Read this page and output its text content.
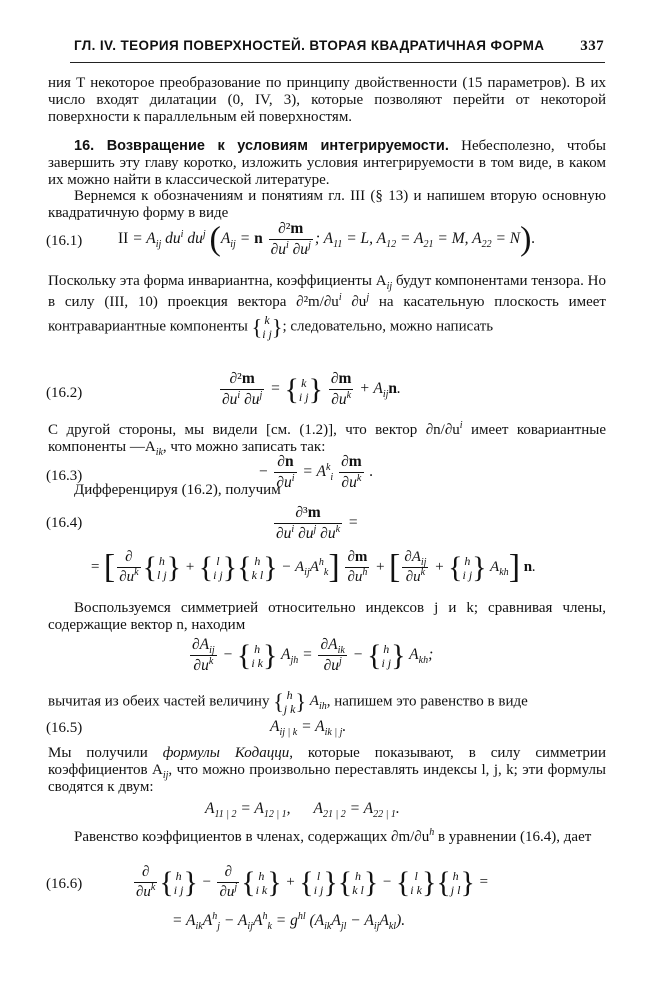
ГЛ. IV. ТЕОРИЯ ПОВЕРХНОСТЕЙ. ВТОРАЯ КВАДРАТИЧНАЯ ФОРМА 337

ния T некоторое преобразование по принципу двойственности (15 параметров). В их число входят дилатации (0, IV, 3), которые позволяют перейти от некоторой поверхности к параллельным ей поверхностям.

16. Возвращение к условиям интегрируемости. Небесполезно, чтобы завершить эту главу коротко, изложить условия интегрируемости в том виде, в каком их можно найти в классической литературе.

Вернемся к обозначениям и понятиям гл. III (§ 13) и напишем вторую основную квадратичную форму в виде

(16.1) II = $A_{ij}$ $du^i$ $du^j$ ($A_{ij} = n \frac{\text{∂²m}}{\partial u^i \partial u^j}$ ; $A_{11} = L$, $A_{12} = A_{21} = M$, $A_{22} = N$).

Поскольку эта форма инвариантна, коэффициенты $A_{ij}$ будут компонентами тензора. Но в силу (III, 10) проекция вектора $\partial^2m/\partial u^i$ $\partial u^j$ на касательную плоскость имеет контравариантные компоненты { k
i j}; следовательно, можно написать

(16.2)	$\frac{\text{∂²m}}{\partial u^i \partial u^j}$ = { k
i $j\} \frac{\partial m}{\partial u^k} + A_{ij}n$.

С другой стороны, мы видели [см. (1.2)], что вектор $\partial n/\partial u^i$ имеет ковариантные компоненты $—A_{ik}$, что можно записать так:

(16.3)	− $\frac{\partial n}{\partial u^i} = A^k_i \frac{\partial m}{\partial u^k}$ .

Дифференцируя (16.2), получим

(16.4)	$\frac{\text{∂³m}}{\partial u^i \partial u^j \partial u^k}$ =
= [ $\frac{\partial}{\partial u^k}$ { h
l j} + { l
i j}{ h
k $l\} - A_{ij}A^h_k] \frac{\partial m}{\partial u^h}$ + [ $\frac{\partial A_{ij}}{\partial u^k}$ + { h
i j} $A_{kh}$] n.

Воспользуемся симметрией относительно индексов j и k; сравнивая члены, содержащие вектор n, находим

$\frac{\partial A_{ij}}{\partial u^k}$ − { h
i k} $A_{jh} = \frac{\partial A_{ik}}{\partial u^j}$ − { h
i j} $A_{kh}$;

вычитая из обеих частей величину { h
j k} $A_{ih}$, напишем это равенство в виде

(16.5)	$A_{ij | k} = A_{ik | j}$.

Мы получили формулы Кодацци, которые показывают, в силу симметрии коэффициентов $A_{ij}$, что можно произвольно переставлять индексы l, j, k; эти формулы сводятся к двум:

$A_{11 | 2} = A_{12 | 1}$,      $A_{21 | 2} = A_{22 | 1}$.

Равенство коэффициентов в членах, содержащих $\partial m/\partial u^h$ в уравнении (16.4), дает

(16.6)	$\frac{\partial}{\partial u^k}$ { h
i $j\} - \frac{\partial}{\partial u^j}$ { h
i k} + { l
i j}{ h
k l} − { l
i k}{ h
j l} =
= $A_{ik}A^h_j - A_{ij}A^h_k = g^{hl}$ $(A_{ik}A_{jl} - A_{ij}A_{kl})$.
